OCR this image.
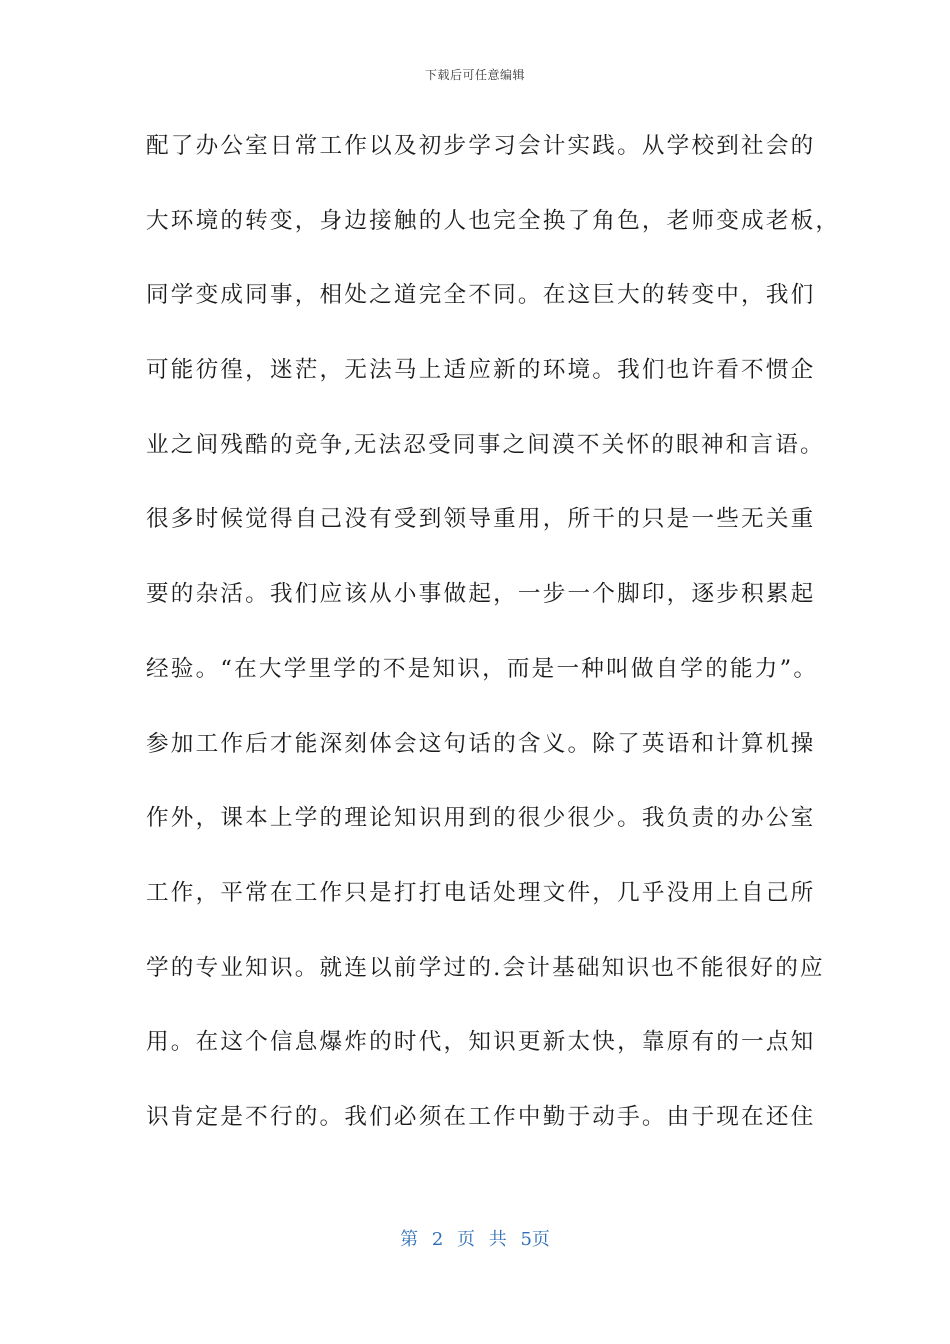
下载后可任意编辑
配了办公室日常工作以及初步学习会计实践。从学校到社会的
大环境的转变，身边接触的人也完全换了角色，老师变成老板，
同学变成同事，相处之道完全不同。在这巨大的转变中，我们
可能彷徨，迷茫，无法马上适应新的环境。我们也许看不惯企
业之间残酷的竞争,无法忍受同事之间漠不关怀的眼神和言语。
很多时候觉得自己没有受到领导重用，所干的只是一些无关重
要的杂活。我们应该从小事做起，一步一个脚印，逐步积累起
经验。“在大学里学的不是知识，而是一种叫做自学的能力”。
参加工作后才能深刻体会这句话的含义。除了英语和计算机操
作外，课本上学的理论知识用到的很少很少。我负责的办公室
工作，平常在工作只是打打电话处理文件，几乎没用上自己所
学的专业知识。就连以前学过的.会计基础知识也不能很好的应
用。在这个信息爆炸的时代，知识更新太快，靠原有的一点知
识肯定是不行的。我们必须在工作中勤于动手。由于现在还住
第 2 页 共 5页
